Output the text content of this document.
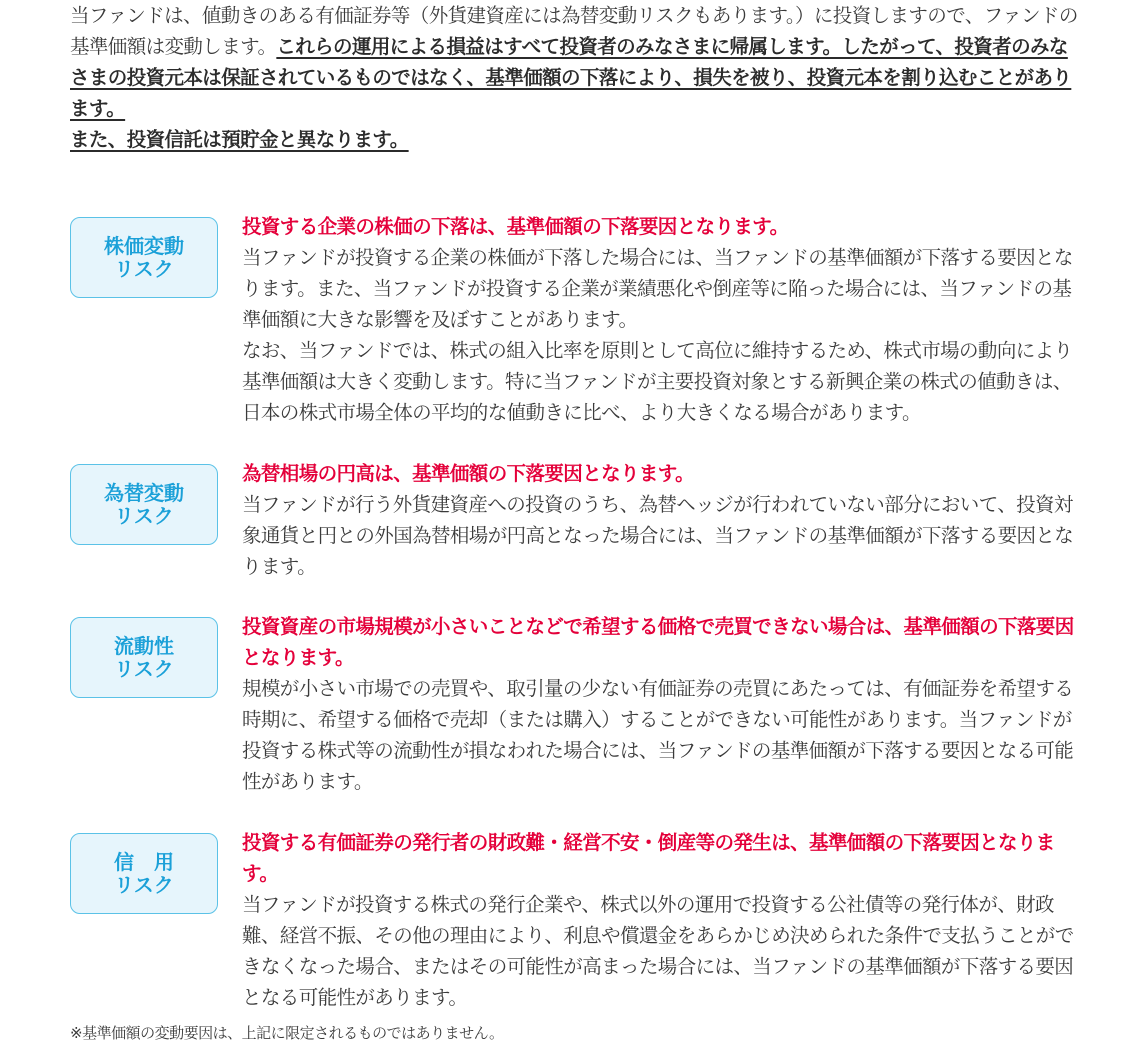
当ファンドは、値動きのある有価証券等（外貨建資産には為替変動リスクもあります。）に投資しますので、ファンドの基準価額は変動します。これらの運用による損益はすべて投資者のみなさまに帰属します。したがって、投資者のみなさまの投資元本は保証されているものではなく、基準価額の下落により、損失を被り、投資元本を割り込むことがあります。
また、投資信託は預貯金と異なります。
株価変動
リスク
投資する企業の株価の下落は、基準価額の下落要因となります。
当ファンドが投資する企業の株価が下落した場合には、当ファンドの基準価額が下落する要因となります。また、当ファンドが投資する企業が業績悪化や倒産等に陥った場合には、当ファンドの基準価額に大きな影響を及ぼすことがあります。
なお、当ファンドでは、株式の組入比率を原則として高位に維持するため、株式市場の動向により基準価額は大きく変動します。特に当ファンドが主要投資対象とする新興企業の株式の値動きは、日本の株式市場全体の平均的な値動きに比べ、より大きくなる場合があります。
為替変動
リスク
為替相場の円高は、基準価額の下落要因となります。
当ファンドが行う外貨建資産への投資のうち、為替ヘッジが行われていない部分において、投資対象通貨と円との外国為替相場が円高となった場合には、当ファンドの基準価額が下落する要因となります。
流動性
リスク
投資資産の市場規模が小さいことなどで希望する価格で売買できない場合は、基準価額の下落要因となります。
規模が小さい市場での売買や、取引量の少ない有価証券の売買にあたっては、有価証券を希望する時期に、希望する価格で売却（または購入）することができない可能性があります。当ファンドが投資する株式等の流動性が損なわれた場合には、当ファンドの基準価額が下落する要因となる可能性があります。
信　用
リスク
投資する有価証券の発行者の財政難・経営不安・倒産等の発生は、基準価額の下落要因となります。
当ファンドが投資する株式の発行企業や、株式以外の運用で投資する公社債等の発行体が、財政難、経営不振、その他の理由により、利息や償還金をあらかじめ決められた条件で支払うことができなくなった場合、またはその可能性が高まった場合には、当ファンドの基準価額が下落する要因となる可能性があります。
※基準価額の変動要因は、上記に限定されるものではありません。
